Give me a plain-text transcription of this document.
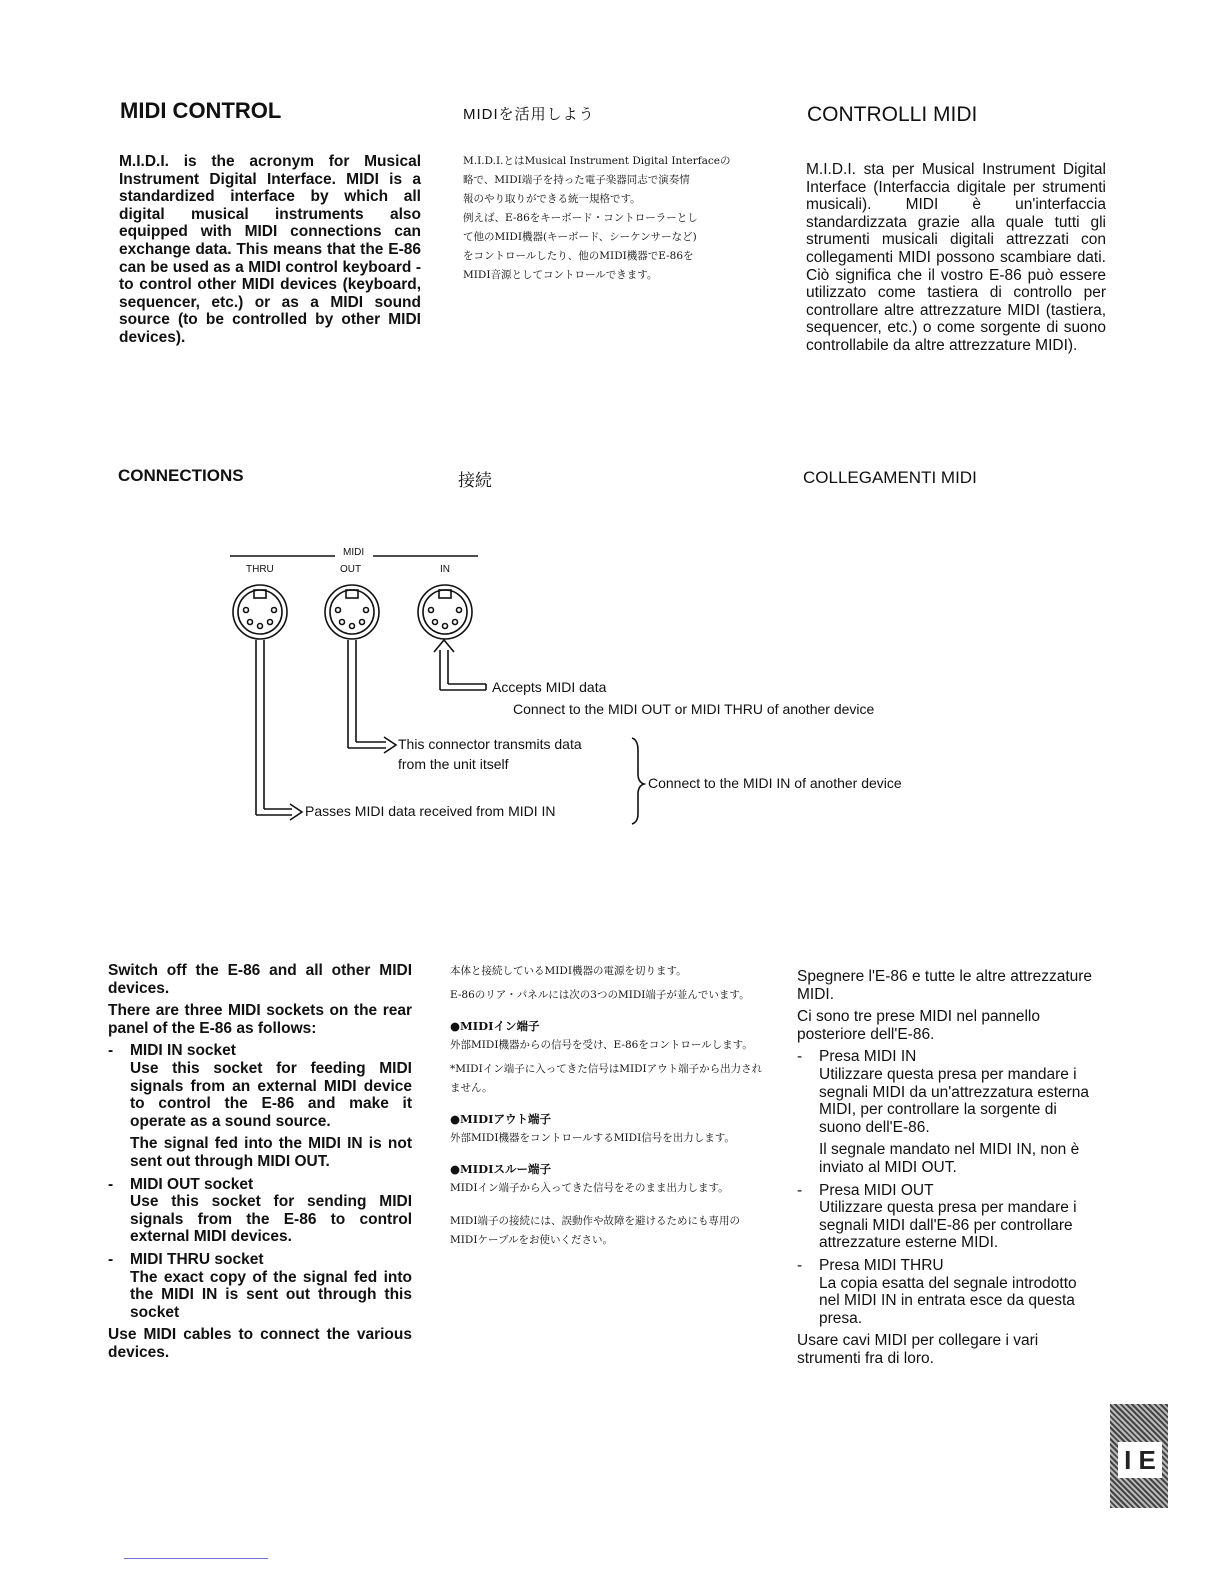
MIDI CONTROL	MIDIを活用しよう	CONTROLLI MIDI
M.I.D.I. is the acronym for Musical Instrument Digital Interface. MIDI is a standardized interface by which all digital musical instruments also equipped with MIDI connections can exchange data. This means that the E-86 can be used as a MIDI control keyboard - to control other MIDI devices (keyboard, sequencer, etc.) or as a MIDI sound source (to be controlled by other MIDI devices).
M.I.D.I.とはMusical Instrument Digital Interfaceの
略で、MIDI端子を持った電子楽器同志で演奏情
報のやり取りができる統一規格です。
例えば、E-86をキーボード・コントローラーとし
て他のMIDI機器(キーボード、シーケンサーなど)
をコントロールしたり、他のMIDI機器でE-86を
MIDI音源としてコントロールできます。
M.I.D.I. sta per Musical Instrument Digital Interface (Interfaccia digitale per strumenti musicali). MIDI è un'interfaccia standardizzata grazie alla quale tutti gli strumenti musicali digitali attrezzati con collegamenti MIDI possono scambiare dati. Ciò significa che il vostro E-86 può essere utilizzato come tastiera di controllo per controllare altre attrezzature MIDI (tastiera, sequencer, etc.) o come sorgente di suono controllabile da altre attrezzature MIDI).
CONNECTIONS	接続	COLLEGAMENTI MIDI
MIDI
THRU	OUT	IN
Accepts MIDI data
Connect to the MIDI OUT or MIDI THRU of another device
This connector transmits data
from the unit itself
Connect to the MIDI IN of another device
Passes MIDI data received from MIDI IN
Switch off the E-86 and all other MIDI devices.
There are three MIDI sockets on the rear panel of the E-86 as follows:
-	MIDI IN socket
Use this socket for feeding MIDI signals from an external MIDI device to control the E-86 and make it operate as a sound source.
The signal fed into the MIDI IN is not sent out through MIDI OUT.
-	MIDI OUT socket
Use this socket for sending MIDI signals from the E-86 to control external MIDI devices.
-	MIDI THRU socket
The exact copy of the signal fed into the MIDI IN is sent out through this socket
Use MIDI cables to connect the various devices.
本体と接続しているMIDI機器の電源を切ります。
E-86のリア・パネルには次の3つのMIDI端子が並んでいます。
●MIDIイン端子
外部MIDI機器からの信号を受け、E-86をコントロールします。
*MIDIイン端子に入ってきた信号はMIDIアウト端子から出力されません。
●MIDIアウト端子
外部MIDI機器をコントロールするMIDI信号を出力します。
●MIDIスルー端子
MIDIイン端子から入ってきた信号をそのまま出力します。
MIDI端子の接続には、誤動作や故障を避けるためにも専用のMIDIケーブルをお使いください。
Spegnere l'E-86 e tutte le altre attrezzature MIDI.
Ci sono tre prese MIDI nel pannello posteriore dell'E-86.
-	Presa MIDI IN
Utilizzare questa presa per mandare i segnali MIDI da un'attrezzatura esterna MIDI, per controllare la sorgente di suono dell'E-86.
Il segnale mandato nel MIDI IN, non è inviato al MIDI OUT.
-	Presa MIDI OUT
Utilizzare questa presa per mandare i segnali MIDI dall'E-86 per controllare attrezzature esterne MIDI.
-	Presa MIDI THRU
La copia esatta del segnale introdotto nel MIDI IN in entrata esce da questa presa.
Usare cavi MIDI per collegare i vari strumenti fra di loro.
I E
